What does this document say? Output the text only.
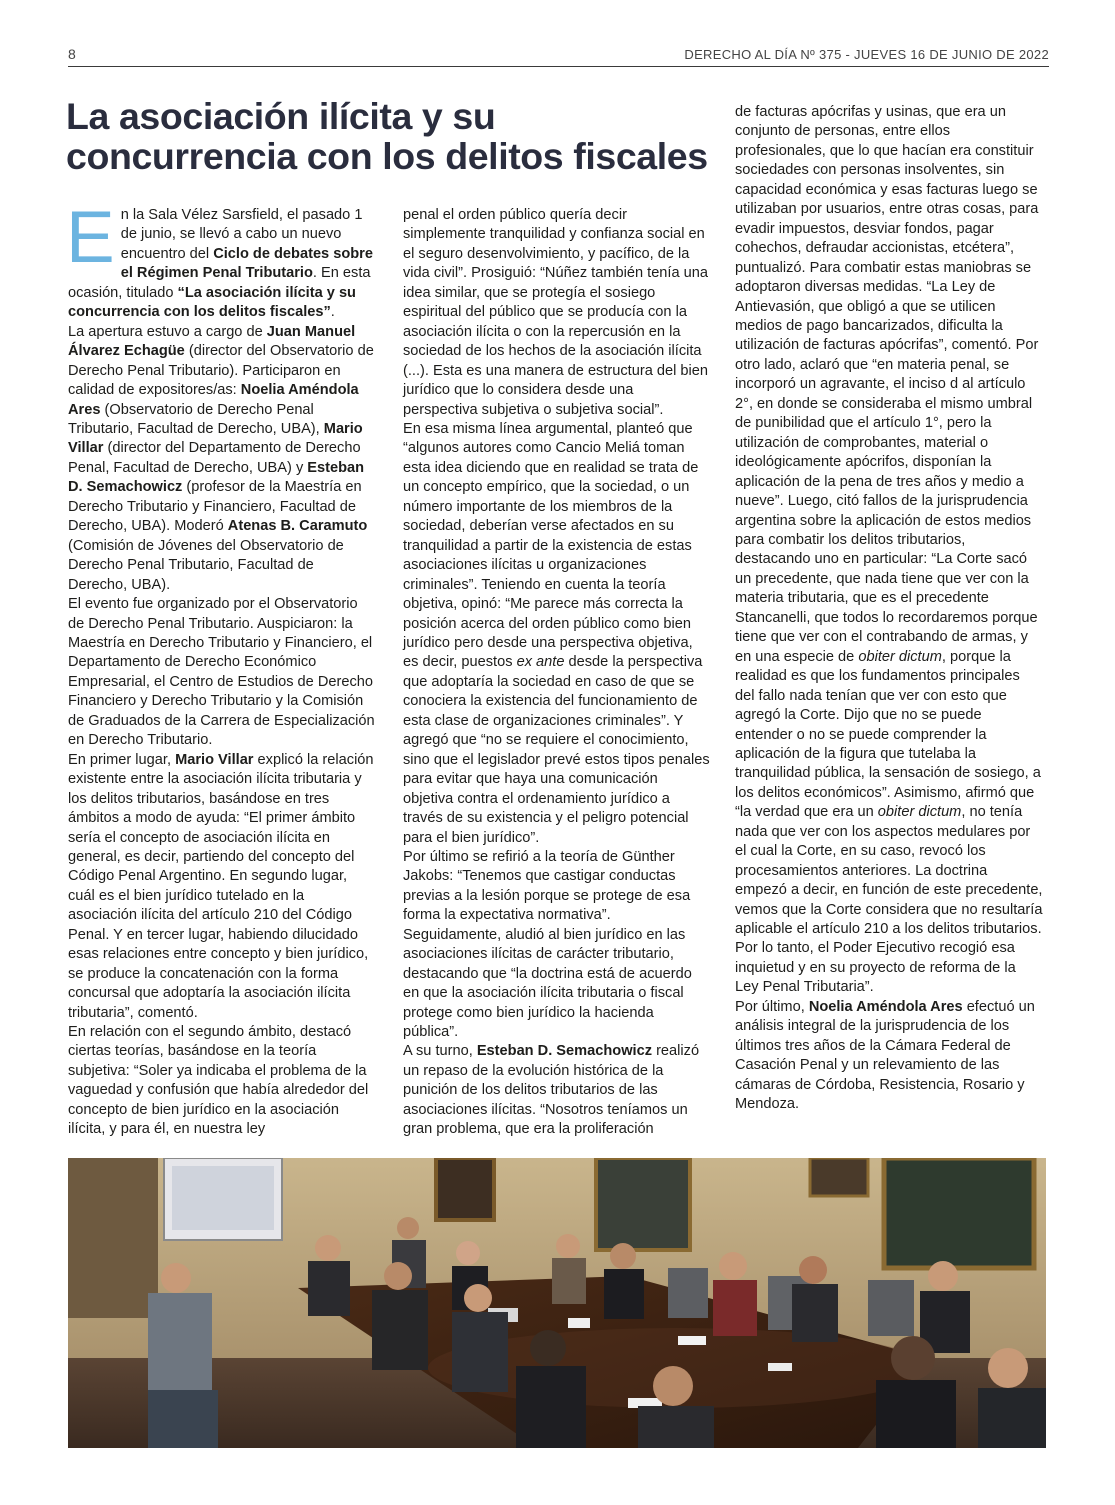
8	DERECHO AL DÍA Nº 375 - JUEVES 16 DE JUNIO DE 2022
La asociación ilícita y su concurrencia con los delitos fiscales

En la Sala Vélez Sarsfield, el pasado 1 de junio, se llevó a cabo un nuevo encuentro del Ciclo de debates sobre el Régimen Penal Tributario. En esta ocasión, titulado “La asociación ilícita y su concurrencia con los delitos fiscales”.

La apertura estuvo a cargo de Juan Manuel Álvarez Echagüe (director del Observatorio de Derecho Penal Tributario). Participaron en calidad de expositores/as: Noelia Améndola Ares (Observatorio de Derecho Penal Tributario, Facultad de Derecho, UBA), Mario Villar (director del Departamento de Derecho Penal, Facultad de Derecho, UBA) y Esteban D. Semachowicz (profesor de la Maestría en Derecho Tributario y Financiero, Facultad de Derecho, UBA). Moderó Atenas B. Caramuto (Comisión de Jóvenes del Observatorio de Derecho Penal Tributario, Facultad de Derecho, UBA).

El evento fue organizado por el Observatorio de Derecho Penal Tributario. Auspiciaron: la Maestría en Derecho Tributario y Financiero, el Departamento de Derecho Económico Empresarial, el Centro de Estudios de Derecho Financiero y Derecho Tributario y la Comisión de Graduados de la Carrera de Especialización en Derecho Tributario.

En primer lugar, Mario Villar explicó la relación existente entre la asociación ilícita tributaria y los delitos tributarios, basándose en tres ámbitos a modo de ayuda: “El primer ámbito sería el concepto de asociación ilícita en general, es decir, partiendo del concepto del Código Penal Argentino. En segundo lugar, cuál es el bien jurídico tutelado en la asociación ilícita del artículo 210 del Código Penal. Y en tercer lugar, habiendo dilucidado esas relaciones entre concepto y bien jurídico, se produce la concatenación con la forma concursal que adoptaría la asociación ilícita tributaria”, comentó.

En relación con el segundo ámbito, destacó ciertas teorías, basándose en la teoría subjetiva: “Soler ya indicaba el problema de la vaguedad y confusión que había alrededor del concepto de bien jurídico en la asociación ilícita, y para él, en nuestra ley

penal el orden público quería decir simplemente tranquilidad y confianza social en el seguro desenvolvimiento, y pacífico, de la vida civil”. Prosiguió: “Núñez también tenía una idea similar, que se protegía el sosiego espiritual del público que se producía con la asociación ilícita o con la repercusión en la sociedad de los hechos de la asociación ilícita (...). Esta es una manera de estructura del bien jurídico que lo considera desde una perspectiva subjetiva o subjetiva social”.

En esa misma línea argumental, planteó que “algunos autores como Cancio Meliá toman esta idea diciendo que en realidad se trata de un concepto empírico, que la sociedad, o un número importante de los miembros de la sociedad, deberían verse afectados en su tranquilidad a partir de la existencia de estas asociaciones ilícitas u organizaciones criminales”. Teniendo en cuenta la teoría objetiva, opinó: “Me parece más correcta la posición acerca del orden público como bien jurídico pero desde una perspectiva objetiva, es decir, puestos ex ante desde la perspectiva que adoptaría la sociedad en caso de que se conociera la existencia del funcionamiento de esta clase de organizaciones criminales”. Y agregó que “no se requiere el conocimiento, sino que el legislador prevé estos tipos penales para evitar que haya una comunicación objetiva contra el ordenamiento jurídico a través de su existencia y el peligro potencial para el bien jurídico”.

Por último se refirió a la teoría de Günther Jakobs: “Tenemos que castigar conductas previas a la lesión porque se protege de esa forma la expectativa normativa”. Seguidamente, aludió al bien jurídico en las asociaciones ilícitas de carácter tributario, destacando que “la doctrina está de acuerdo en que la asociación ilícita tributaria o fiscal protege como bien jurídico la hacienda pública”.

A su turno, Esteban D. Semachowicz realizó un repaso de la evolución histórica de la punición de los delitos tributarios de las asociaciones ilícitas. “Nosotros teníamos un gran problema, que era la proliferación

de facturas apócrifas y usinas, que era un conjunto de personas, entre ellos profesionales, que lo que hacían era constituir sociedades con personas insolventes, sin capacidad económica y esas facturas luego se utilizaban por usuarios, entre otras cosas, para evadir impuestos, desviar fondos, pagar cohechos, defraudar accionistas, etcétera”, puntualizó. Para combatir estas maniobras se adoptaron diversas medidas. “La Ley de Antievasión, que obligó a que se utilicen medios de pago bancarizados, dificulta la utilización de facturas apócrifas”, comentó. Por otro lado, aclaró que “en materia penal, se incorporó un agravante, el inciso d al artículo 2°, en donde se consideraba el mismo umbral de punibilidad que el artículo 1°, pero la utilización de comprobantes, material o ideológicamente apócrifos, disponían la aplicación de la pena de tres años y medio a nueve”. Luego, citó fallos de la jurisprudencia argentina sobre la aplicación de estos medios para combatir los delitos tributarios, destacando uno en particular: “La Corte sacó un precedente, que nada tiene que ver con la materia tributaria, que es el precedente Stancanelli, que todos lo recordaremos porque tiene que ver con el contrabando de armas, y en una especie de obiter dictum, porque la realidad es que los fundamentos principales del fallo nada tenían que ver con esto que agregó la Corte. Dijo que no se puede entender o no se puede comprender la aplicación de la figura que tutelaba la tranquilidad pública, la sensación de sosiego, a los delitos económicos”. Asimismo, afirmó que “la verdad que era un obiter dictum, no tenía nada que ver con los aspectos medulares por el cual la Corte, en su caso, revocó los procesamientos anteriores. La doctrina empezó a decir, en función de este precedente, vemos que la Corte considera que no resultaría aplicable el artículo 210 a los delitos tributarios. Por lo tanto, el Poder Ejecutivo recogió esa inquietud y en su proyecto de reforma de la Ley Penal Tributaria”.

Por último, Noelia Améndola Ares efectuó un análisis integral de la jurisprudencia de los últimos tres años de la Cámara Federal de Casación Penal y un relevamiento de las cámaras de Córdoba, Resistencia, Rosario y Mendoza.
